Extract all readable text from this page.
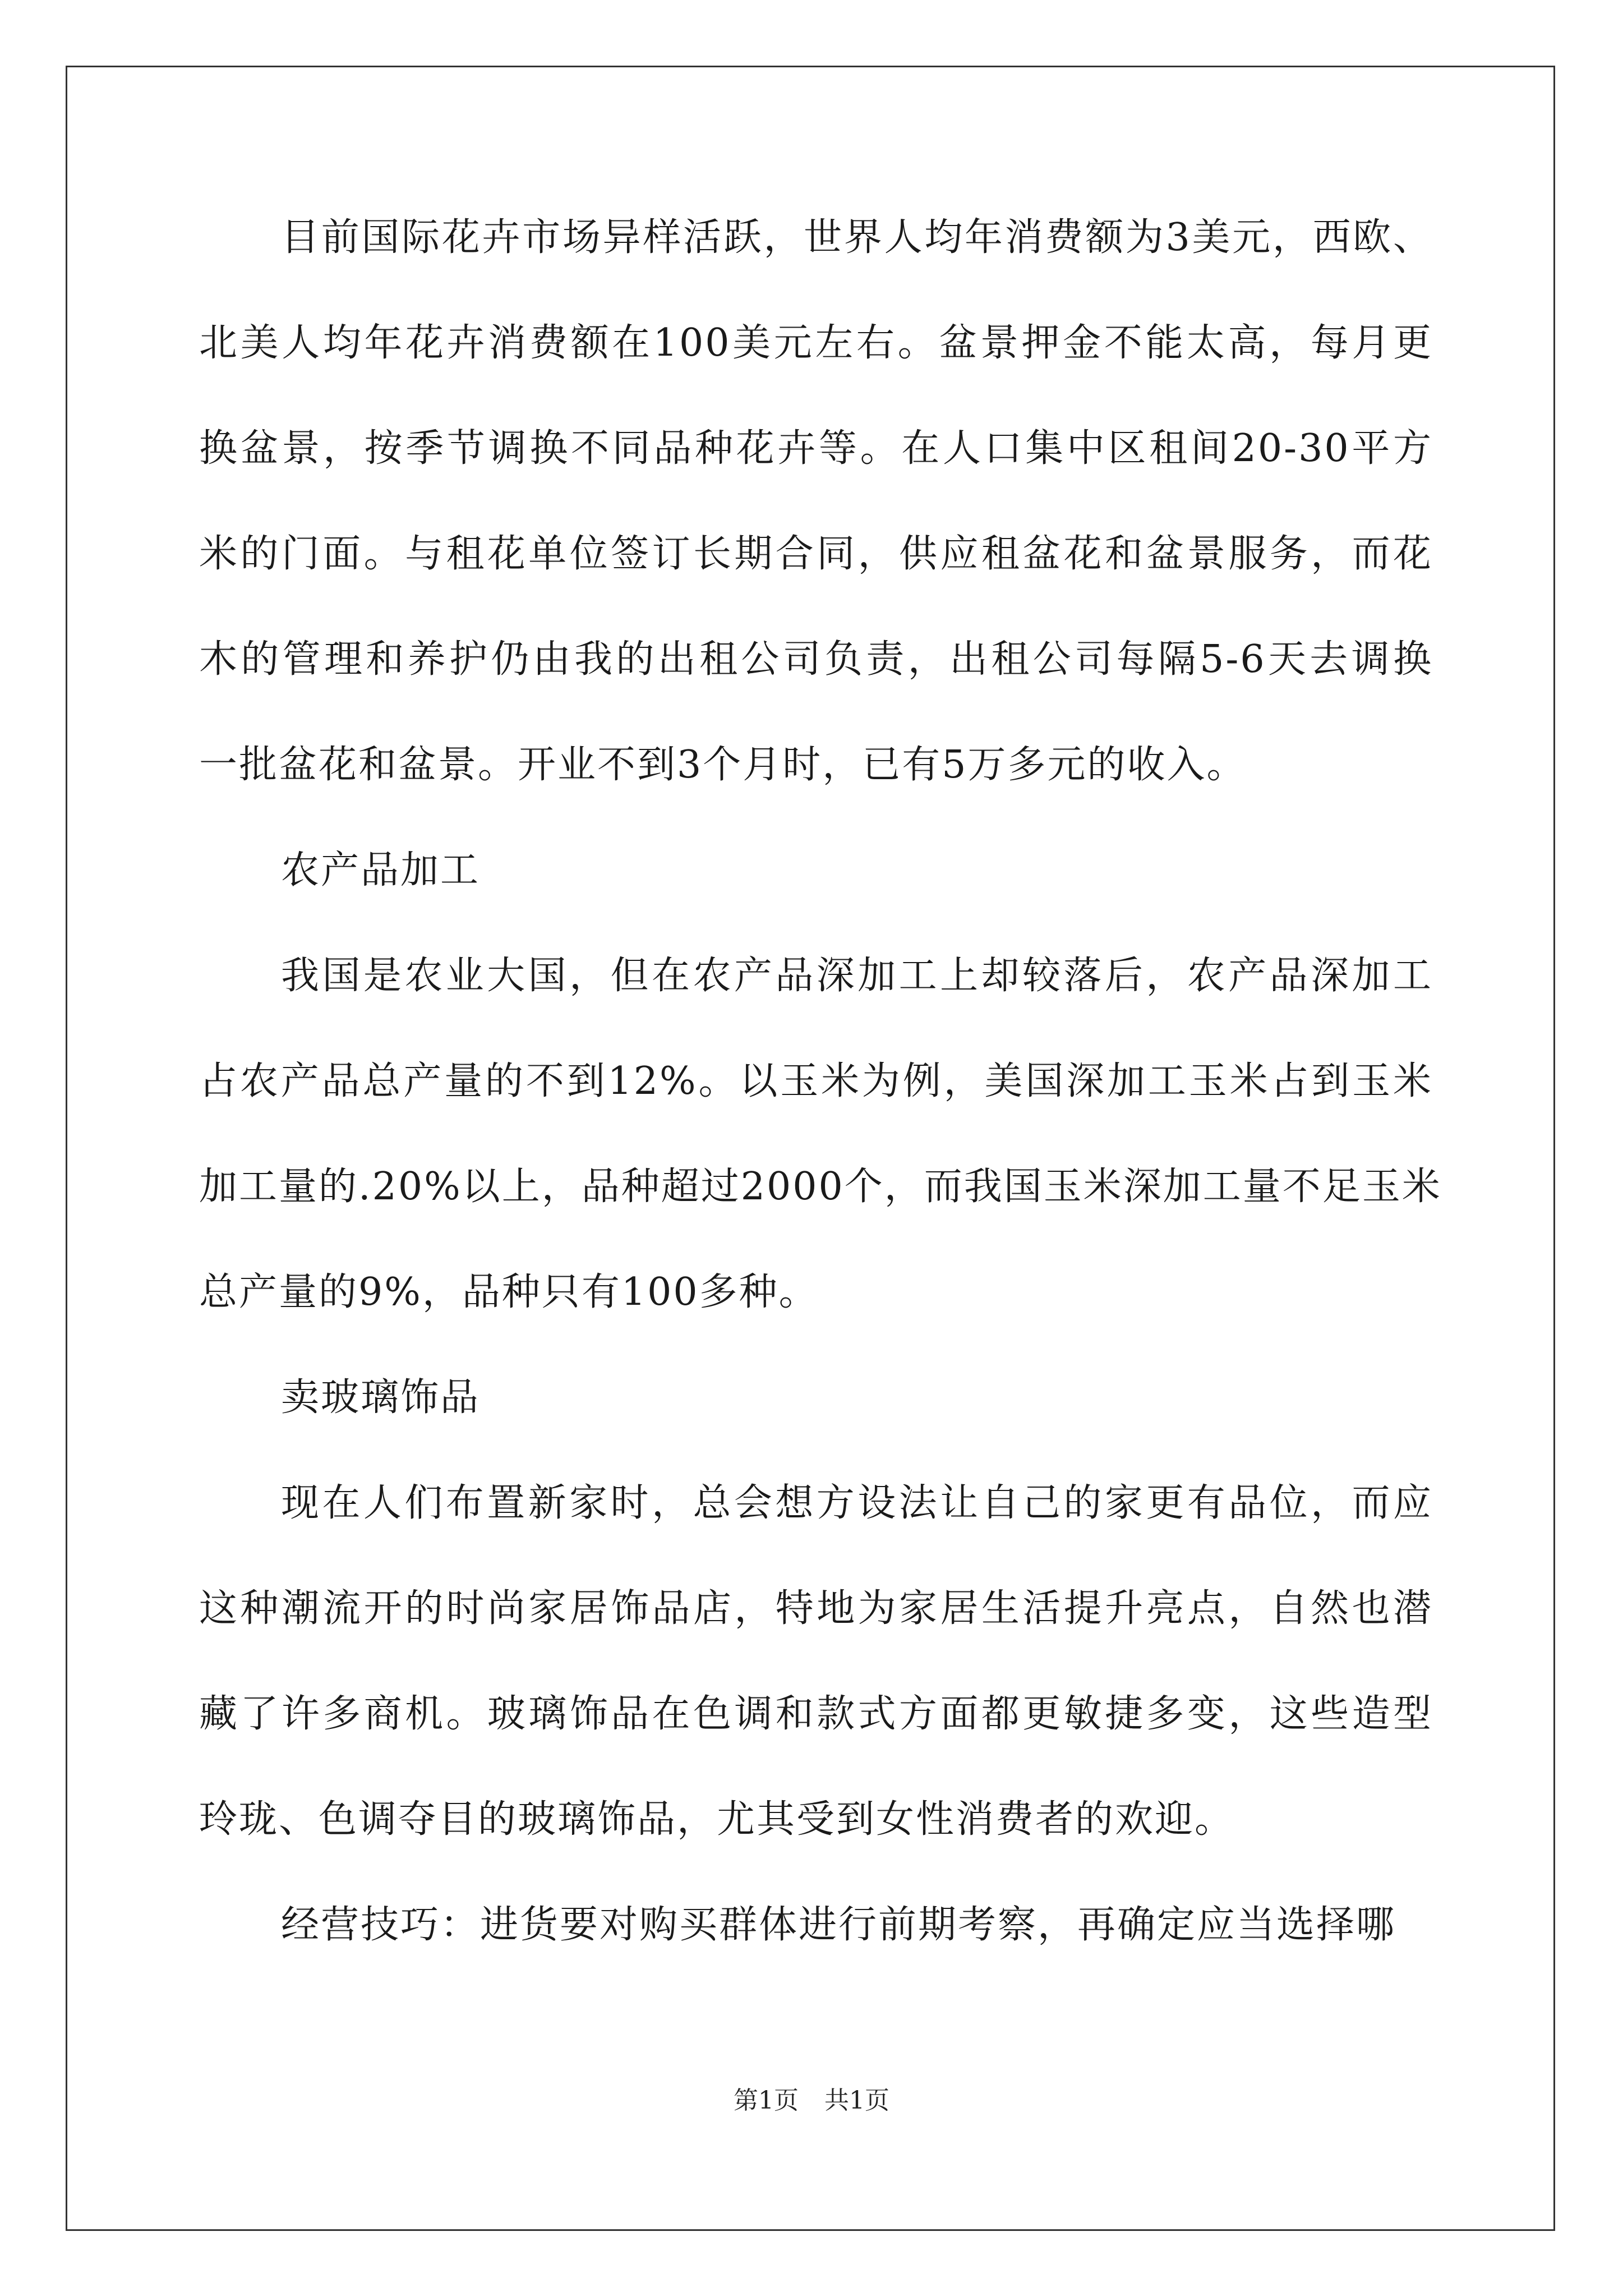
目前国际花卉市场异样活跃，世界人均年消费额为3美元，西欧、
北美人均年花卉消费额在100美元左右。盆景押金不能太高，每月更
换盆景，按季节调换不同品种花卉等。在人口集中区租间20-30平方
米的门面。与租花单位签订长期合同，供应租盆花和盆景服务，而花
木的管理和养护仍由我的出租公司负责，出租公司每隔5-6天去调换
一批盆花和盆景。开业不到3个月时，已有5万多元的收入。
农产品加工
我国是农业大国，但在农产品深加工上却较落后，农产品深加工
占农产品总产量的不到12%。以玉米为例，美国深加工玉米占到玉米
加工量的.20%以上，品种超过2000个，而我国玉米深加工量不足玉米
总产量的9%，品种只有100多种。
卖玻璃饰品
现在人们布置新家时，总会想方设法让自己的家更有品位，而应
这种潮流开的时尚家居饰品店，特地为家居生活提升亮点，自然也潜
藏了许多商机。玻璃饰品在色调和款式方面都更敏捷多变，这些造型
玲珑、色调夺目的玻璃饰品，尤其受到女性消费者的欢迎。
经营技巧：进货要对购买群体进行前期考察，再确定应当选择哪
第1页 共1页
